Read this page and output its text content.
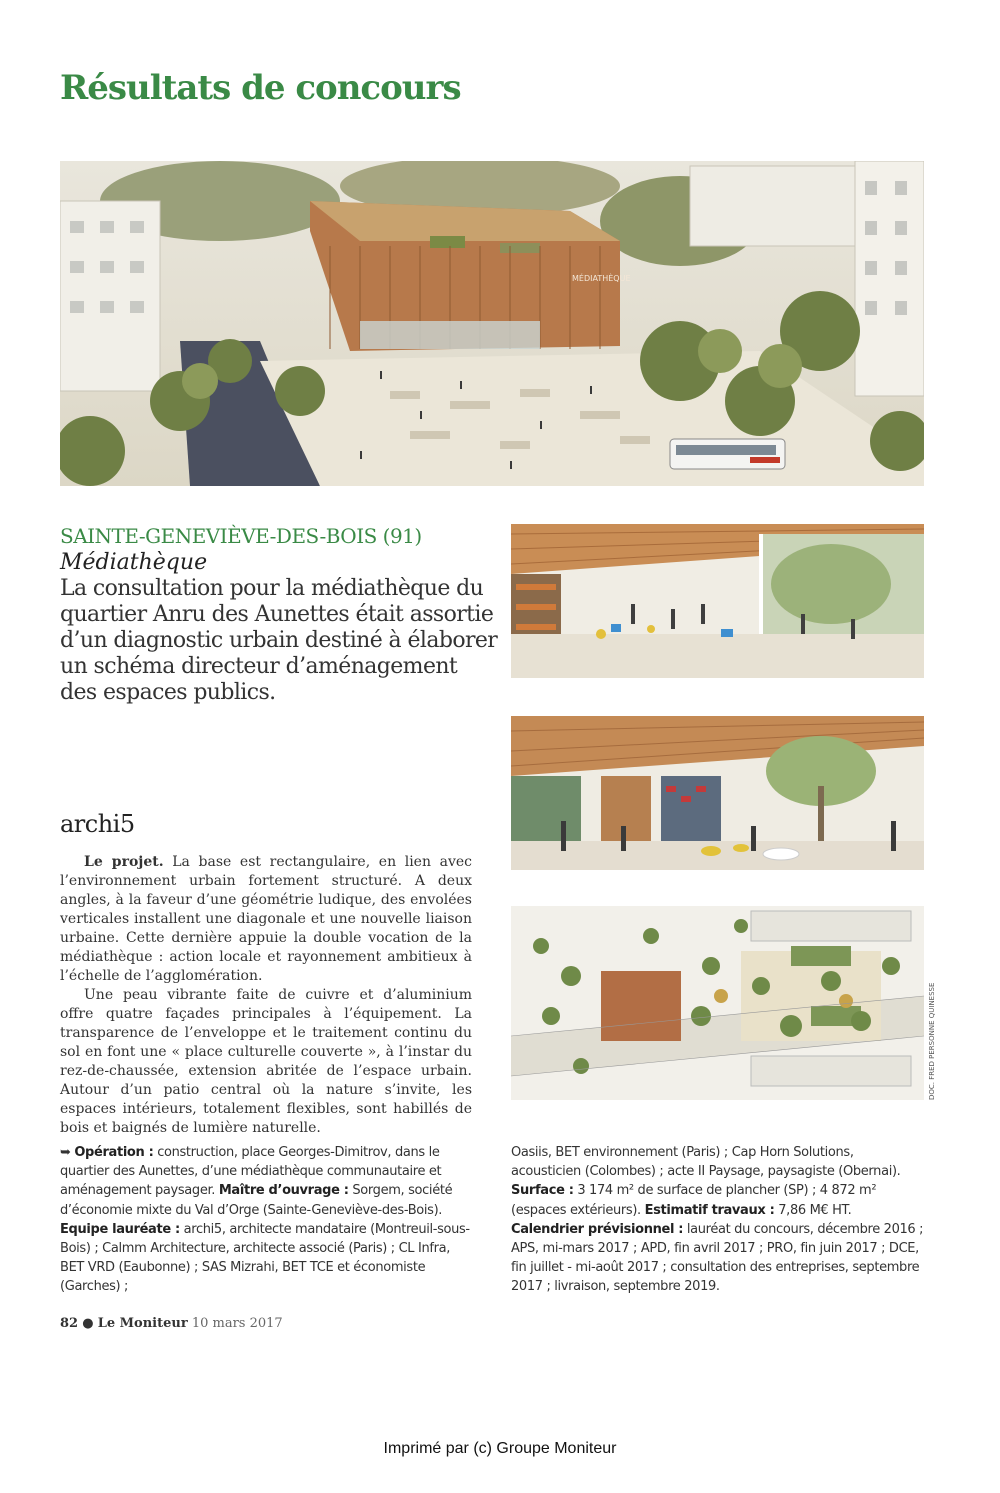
Résultats de concours
MÉDIATHÈQUE
SAINTE-GENEVIÈVE-DES-BOIS (91)
Médiathèque
La consultation pour la médiathèque du quartier Anru des Aunettes était assortie d’un diagnostic urbain destiné à élaborer un schéma directeur d’aménagement des espaces publics.
DOC. FRED PERSONNE QUINESSE
archi5

Le projet. La base est rectangulaire, en lien avec l’environnement urbain fortement structuré. A deux angles, à la faveur d’une géométrie ludique, des envolées verticales installent une diagonale et une nouvelle liaison urbaine. Cette dernière appuie la double vocation de la médiathèque : action locale et rayonnement ambitieux à l’échelle de l’agglomération.

Une peau vibrante faite de cuivre et d’aluminium offre quatre façades principales à l’équipement. La transparence de l’enveloppe et le traitement continu du sol en font une « place culturelle couverte », à l’instar du rez-de-chaussée, extension abritée de l’espace urbain. Autour d’un patio central où la nature s’invite, les espaces intérieurs, totalement flexibles, sont habillés de bois et baignés de lumière naturelle.

➥ Opération : construction, place Georges-Dimitrov, dans le quartier des Aunettes, d’une médiathèque communautaire et aménagement paysager. Maître d’ouvrage : Sorgem, société d’économie mixte du Val d’Orge (Sainte-Geneviève-des-Bois). Equipe lauréate : archi5, architecte mandataire (Montreuil-sous-Bois) ; Calmm Architecture, architecte associé (Paris) ; CL Infra, BET VRD (Eaubonne) ; SAS Mizrahi, BET TCE et économiste (Garches) ;
Oasiis, BET environnement (Paris) ; Cap Horn Solutions, acousticien (Colombes) ; acte II Paysage, paysagiste (Obernai). Surface : 3 174 m² de surface de plancher (SP) ; 4 872 m² (espaces extérieurs). Estimatif travaux : 7,86 M€ HT. Calendrier prévisionnel : lauréat du concours, décembre 2016 ; APS, mi-mars 2017 ; APD, fin avril 2017 ; PRO, fin juin 2017 ; DCE, fin juillet - mi-août 2017 ; consultation des entreprises, septembre 2017 ; livraison, septembre 2019.
82 ● Le Moniteur 10 mars 2017
Imprimé par (c) Groupe Moniteur
